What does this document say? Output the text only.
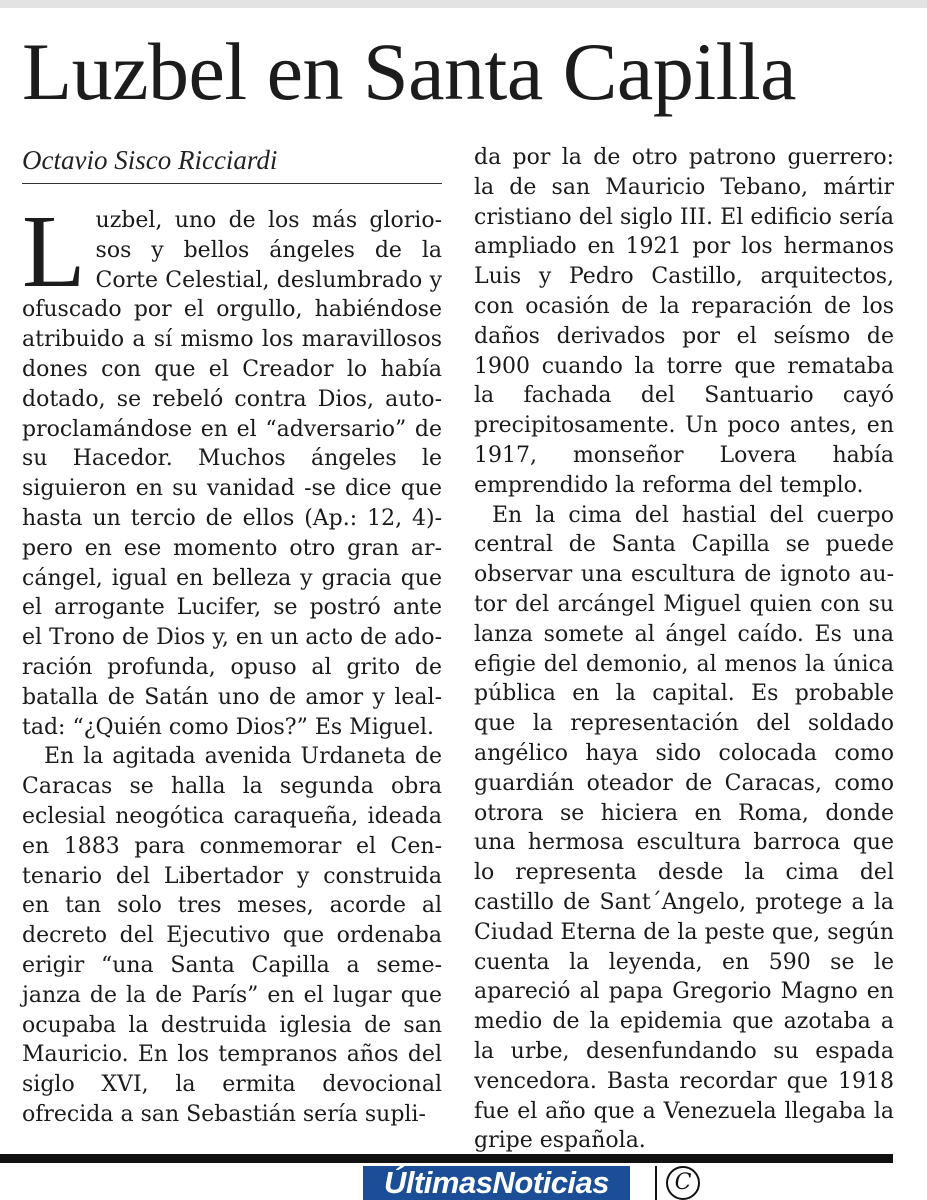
Luzbel en Santa Capilla
Octavio Sisco Ricciardi

L uzbel, uno de los más gloriosos y bellos ángeles de la Corte Celestial, deslumbrado y ofuscado por el orgullo, habiéndose atribuido a sí mismo los maravillosos dones con que el Creador lo había dotado, se rebeló contra Dios, autoproclamándose en el “adversario” de su Hacedor. Muchos ángeles le siguieron en su vanidad -se dice que hasta un tercio de ellos (Ap.: 12, 4)pero en ese momento otro gran arcángel, igual en belleza y gracia que el arrogante Lucifer, se postró ante el Trono de Dios y, en un acto de adoración profunda, opuso al grito de batalla de Satán uno de amor y lealtad: “¿Quién como Dios?” Es Miguel.

En la agitada avenida Urdaneta de Caracas se halla la segunda obra eclesial neogótica caraqueña, ideada en 1883 para conmemorar el Centenario del Libertador y construida en tan solo tres meses, acorde al decreto del Ejecutivo que ordenaba erigir “una Santa Capilla a semejanza de la de París” en el lugar que ocupaba la destruida iglesia de san Mauricio. En los tempranos años del siglo XVI, la ermita devocional ofrecida a san Sebastián sería supli-

da por la de otro patrono guerrero: la de san Mauricio Tebano, mártir cristiano del siglo III. El edificio sería ampliado en 1921 por los hermanos Luis y Pedro Castillo, arquitectos, con ocasión de la reparación de los daños derivados por el seísmo de 1900 cuando la torre que remataba la fachada del Santuario cayó precipitosamente. Un poco antes, en 1917, monseñor Lovera había emprendido la reforma del templo.

En la cima del hastial del cuerpo central de Santa Capilla se puede observar una escultura de ignoto autor del arcángel Miguel quien con su lanza somete al ángel caído. Es una efigie del demonio, al menos la única pública en la capital. Es probable que la representación del soldado angélico haya sido colocada como guardián oteador de Caracas, como otrora se hiciera en Roma, donde una hermosa escultura barroca que lo representa desde la cima del castillo de Sant´Angelo, protege a la Ciudad Eterna de la peste que, según cuenta la leyenda, en 590 se le apareció al papa Gregorio Magno en medio de la epidemia que azotaba a la urbe, desenfundando su espada vencedora. Basta recordar que 1918 fue el año que a Venezuela llegaba la gripe española.

ÚltimasNoticias	C
